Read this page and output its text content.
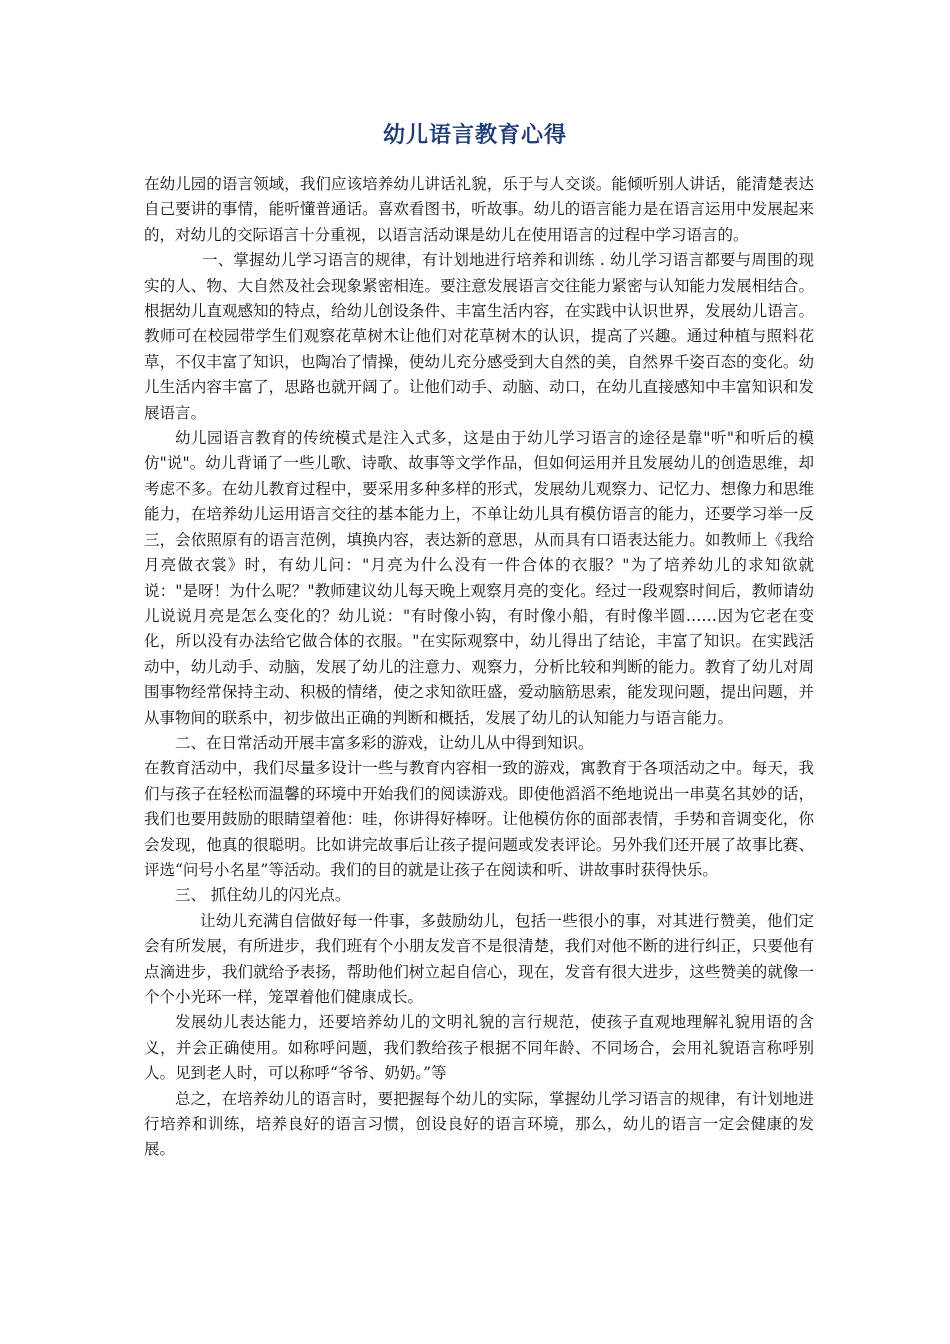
幼儿语言教育心得

在幼儿园的语言领域，我们应该培养幼儿讲话礼貌，乐于与人交谈。能倾听别人讲话，能清楚表达自己要讲的事情，能听懂普通话。喜欢看图书，听故事。幼儿的语言能力是在语言运用中发展起来的，对幼儿的交际语言十分重视，以语言活动课是幼儿在使用语言的过程中学习语言的。

一、掌握幼儿学习语言的规律，有计划地进行培养和训练 . 幼儿学习语言都要与周围的现实的人、物、大自然及社会现象紧密相连。要注意发展语言交往能力紧密与认知能力发展相结合。根据幼儿直观感知的特点，给幼儿创设条件、丰富生活内容，在实践中认识世界，发展幼儿语言。教师可在校园带学生们观察花草树木让他们对花草树木的认识，提高了兴趣。通过种植与照料花草，不仅丰富了知识，也陶冶了情操，使幼儿充分感受到大自然的美，自然界千姿百态的变化。幼儿生活内容丰富了，思路也就开阔了。让他们动手、动脑、动口，在幼儿直接感知中丰富知识和发展语言。

幼儿园语言教育的传统模式是注入式多，这是由于幼儿学习语言的途径是靠"听"和听后的模仿"说"。幼儿背诵了一些儿歌、诗歌、故事等文学作品，但如何运用并且发展幼儿的创造思维，却考虑不多。在幼儿教育过程中，要采用多种多样的形式，发展幼儿观察力、记忆力、想像力和思维能力，在培养幼儿运用语言交往的基本能力上，不单让幼儿具有模仿语言的能力，还要学习举一反三，会依照原有的语言范例，填换内容，表达新的意思，从而具有口语表达能力。如教师上《我给月亮做衣裳》时，有幼儿问："月亮为什么没有一件合体的衣服？"为了培养幼儿的求知欲就说："是呀！为什么呢？"教师建议幼儿每天晚上观察月亮的变化。经过一段观察时间后，教师请幼儿说说月亮是怎么变化的？幼儿说："有时像小钩，有时像小船，有时像半圆……因为它老在变化，所以没有办法给它做合体的衣服。"在实际观察中，幼儿得出了结论，丰富了知识。在实践活动中，幼儿动手、动脑，发展了幼儿的注意力、观察力，分析比较和判断的能力。教育了幼儿对周围事物经常保持主动、积极的情绪，使之求知欲旺盛，爱动脑筋思索，能发现问题，提出问题，并从事物间的联系中，初步做出正确的判断和概括，发展了幼儿的认知能力与语言能力。

二、在日常活动开展丰富多彩的游戏，让幼儿从中得到知识。

在教育活动中，我们尽量多设计一些与教育内容相一致的游戏，寓教育于各项活动之中。每天，我们与孩子在轻松而温馨的环境中开始我们的阅读游戏。即使他滔滔不绝地说出一串莫名其妙的话，我们也要用鼓励的眼睛望着他：哇，你讲得好棒呀。让他模仿你的面部表情，手势和音调变化，你会发现，他真的很聪明。比如讲完故事后让孩子提问题或发表评论。另外我们还开展了故事比赛、评选“问号小名星”等活动。我们的目的就是让孩子在阅读和听、讲故事时获得快乐。

三、 抓住幼儿的闪光点。

让幼儿充满自信做好每一件事，多鼓励幼儿，包括一些很小的事，对其进行赞美，他们定会有所发展，有所进步，我们班有个小朋友发音不是很清楚，我们对他不断的进行纠正，只要他有点滴进步，我们就给予表扬，帮助他们树立起自信心，现在，发音有很大进步，这些赞美的就像一个个小光环一样，笼罩着他们健康成长。

发展幼儿表达能力，还要培养幼儿的文明礼貌的言行规范，使孩子直观地理解礼貌用语的含义，并会正确使用。如称呼问题，我们教给孩子根据不同年龄、不同场合，会用礼貌语言称呼别人。见到老人时，可以称呼“爷爷、奶奶。”等

总之，在培养幼儿的语言时，要把握每个幼儿的实际，掌握幼儿学习语言的规律，有计划地进行培养和训练，培养良好的语言习惯，创设良好的语言环境，那么，幼儿的语言一定会健康的发展。
